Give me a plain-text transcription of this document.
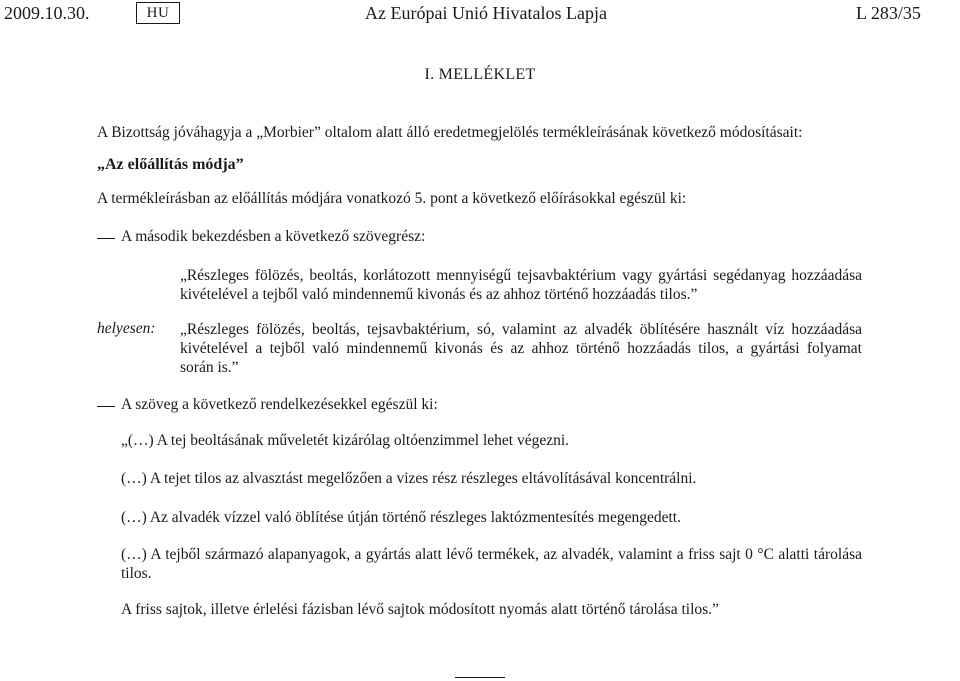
2009.10.30.	HU	Az Európai Unió Hivatalos Lapja	L 283/35
I. MELLÉKLET
A Bizottság jóváhagyja a „Morbier” oltalom alatt álló eredetmegjelölés termékleírásának következő módosításait:
„Az előállítás módja”
A termékleírásban az előállítás módjára vonatkozó 5. pont a következő előírásokkal egészül ki:
A második bekezdésben a következő szövegrész:
„Részleges fölözés, beoltás, korlátozott mennyiségű tejsavbaktérium vagy gyártási segédanyag hozzáadása
kivételével a tejből való mindennemű kivonás és az ahhoz történő hozzáadás tilos.”
helyesen: „Részleges fölözés, beoltás, tejsavbaktérium, só, valamint az alvadék öblítésére használt víz hozzáadása
kivételével a tejből való mindennemű kivonás és az ahhoz történő hozzáadás tilos, a gyártási folyamat
során is.”
A szöveg a következő rendelkezésekkel egészül ki:
„(…) A tej beoltásának műveletét kizárólag oltóenzimmel lehet végezni.
(…) A tejet tilos az alvasztást megelőzően a vizes rész részleges eltávolításával koncentrálni.
(…) Az alvadék vízzel való öblítése útján történő részleges laktózmentesítés megengedett.
(…) A tejből származó alapanyagok, a gyártás alatt lévő termékek, az alvadék, valamint a friss sajt 0 °C alatti tárolása
tilos.
A friss sajtok, illetve érlelési fázisban lévő sajtok módosított nyomás alatt történő tárolása tilos.”
